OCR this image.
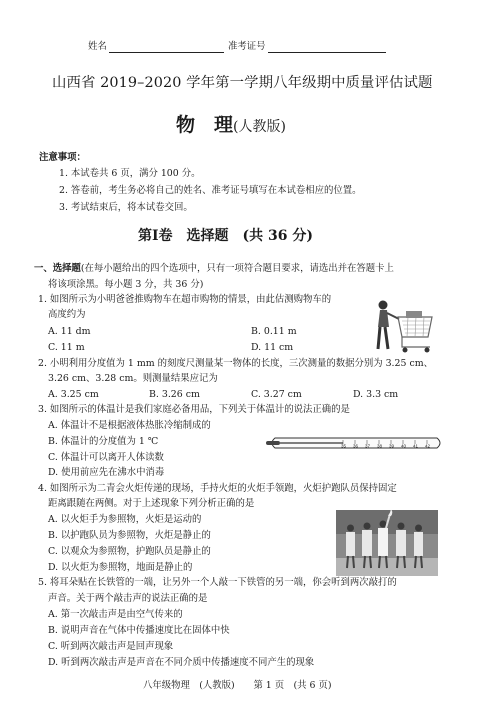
姓名	准考证号
山西省 2019–2020 学年第一学期八年级期中质量评估试题
物　理(人教版)
注意事项：
1. 本试卷共 6 页，满分 100 分。
2. 答卷前，考生务必将自己的姓名、准考证号填写在本试卷相应的位置。
3. 考试结束后，将本试卷交回。
第Ⅰ卷　选择题　(共 36 分)
一、选择题(在每小题给出的四个选项中，只有一项符合题目要求，请选出并在答题卡上
将该项涂黑。每小题 3 分，共 36 分)
1. 如图所示为小明爸爸推购物车在超市购物的情景，由此估测购物车的
高度约为
A. 11 dm	B. 0.11 m
C. 11 m	D. 11 cm
2. 小明利用分度值为 1 mm 的刻度尺测量某一物体的长度，三次测量的数据分别为 3.25 cm、
3.26 cm、3.28 cm。则测量结果应记为
A. 3.25 cm	B. 3.26 cm	C. 3.27 cm	D. 3.3 cm
3. 如图所示的体温计是我们家庭必备用品，下列关于体温计的说法正确的是
A. 体温计不是根据液体热胀冷缩制成的
B. 体温计的分度值为 1 ℃
C. 体温计可以离开人体读数
D. 使用前应先在沸水中消毒
35 36 37 38 39 40 41 42
4. 如图所示为二青会火炬传递的现场，手持火炬的火炬手领跑，火炬护跑队员保持固定
距离跟随在两侧。对于上述现象下列分析正确的是
A. 以火炬手为参照物，火炬是运动的
B. 以护跑队员为参照物，火炬是静止的
C. 以观众为参照物，护跑队员是静止的
D. 以火炬为参照物，地面是静止的
5. 将耳朵贴在长铁管的一端，让另外一个人敲一下铁管的另一端，你会听到两次敲打的
声音。关于两个敲击声的说法正确的是
A. 第一次敲击声是由空气传来的
B. 说明声音在气体中传播速度比在固体中快
C. 听到两次敲击声是回声现象
D. 听到两次敲击声是声音在不同介质中传播速度不同产生的现象
八年级物理　(人教版)　　第 1 页　(共 6 页)
